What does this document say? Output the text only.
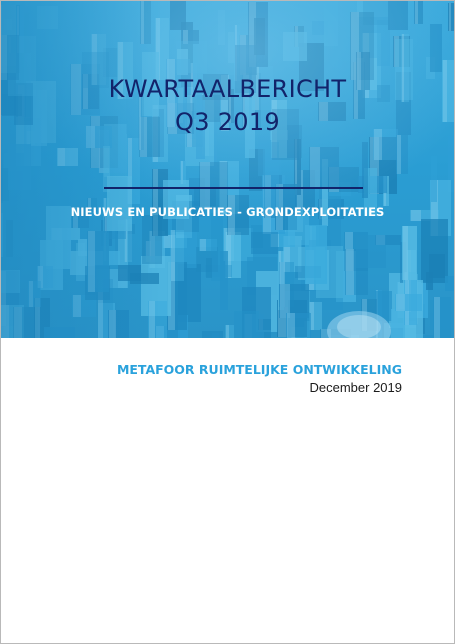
KWARTAALBERICHT
Q3 2019
NIEUWS EN PUBLICATIES - GRONDEXPLOITATIES
METAFOOR RUIMTELIJKE ONTWIKKELING
December 2019
